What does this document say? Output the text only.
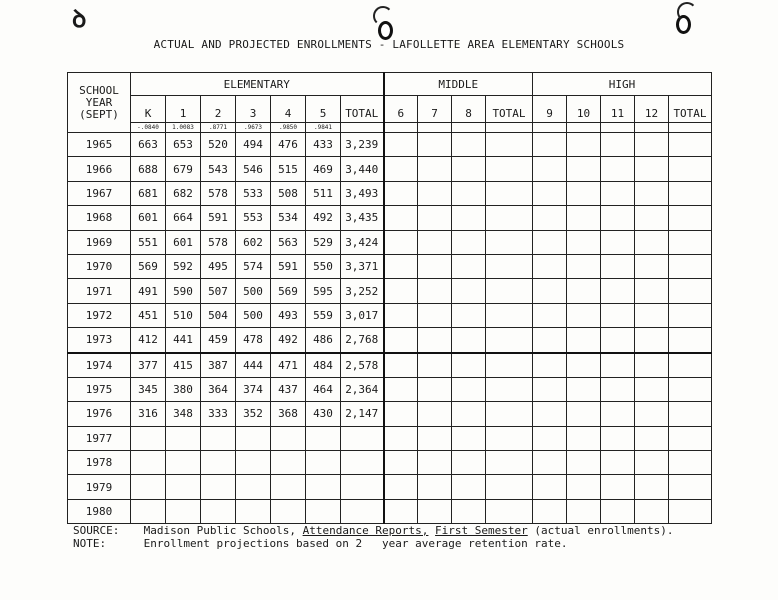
ꝺ
ACTUAL AND PROJECTED ENROLLMENTS - LAFOLLETTE AREA ELEMENTARY SCHOOLS
SCHOOL YEAR (SEPT)	ELEMENTARY							MIDDLE				HIGH				
	K	1	2	3	4	5	TOTAL	6	7	8	TOTAL	9	10	11	12	TOTAL
	-.0840	1.0083	.8771	.9673	.9850	.9841										
1965	663	653	520	494	476	433	3,239									
1966	688	679	543	546	515	469	3,440									
1967	681	682	578	533	508	511	3,493									
1968	601	664	591	553	534	492	3,435									
1969	551	601	578	602	563	529	3,424									
1970	569	592	495	574	591	550	3,371									
1971	491	590	507	500	569	595	3,252									
1972	451	510	504	500	493	559	3,017									
1973	412	441	459	478	492	486	2,768									
1974	377	415	387	444	471	484	2,578									
1975	345	380	364	374	437	464	2,364									
1976	316	348	333	352	368	430	2,147									
1977																
1978																
1979																
1980																
SOURCE: Madison Public Schools, Attendance Reports, First Semester (actual enrollments).
NOTE:	Enrollment projections based on 2   year average retention rate.
